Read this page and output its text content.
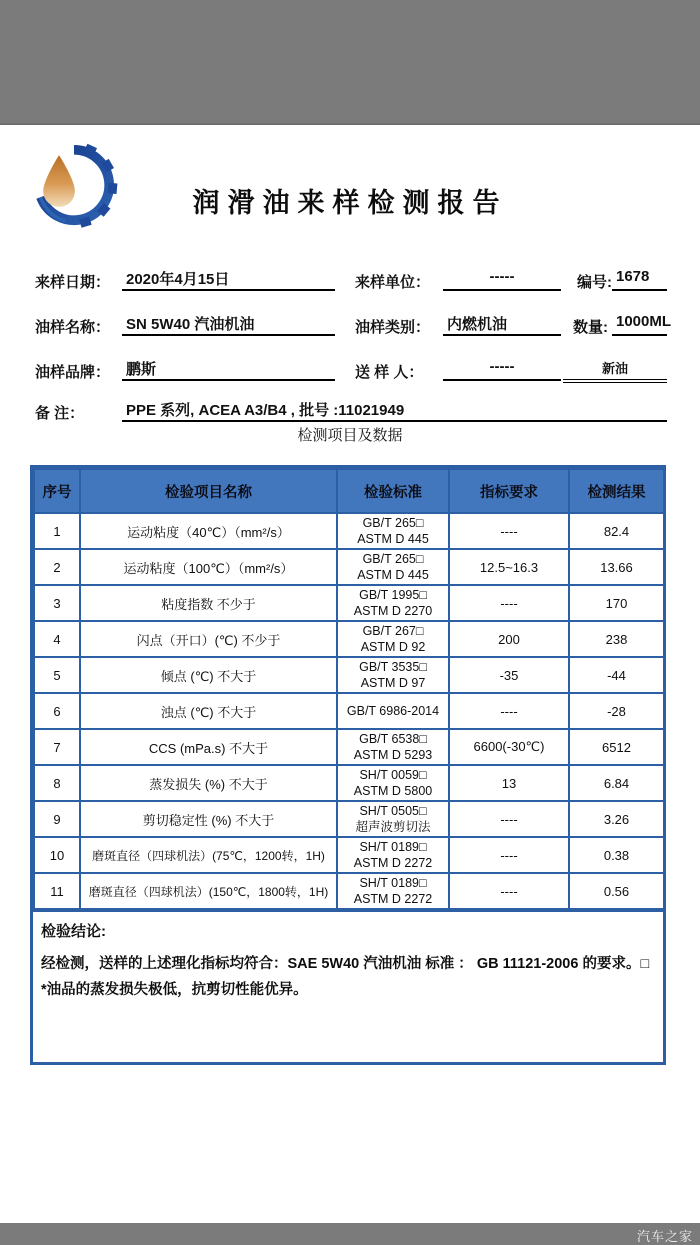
润滑油来样检测报告
来样日期： 2020年4月15日	来样单位：	-----	编号: 1678
油样名称： SN 5W40 汽油机油	油样类别： 内燃机油	数量: 1000ML
油样品牌： 鹏斯	送 样 人：	-----	新油
备 注：	PPE 系列, ACEA A3/B4 , 批号 :11021949
检测项目及数据
序号	检验项目名称	检验标准	指标要求	检测结果
1	运动粘度（40℃）（mm²/s）	GB/T 265□
ASTM D 445	----	82.4
2	运动粘度（100℃）（mm²/s）	GB/T 265□
ASTM D 445	12.5~16.3	13.66
3	粘度指数 不少于	GB/T 1995□
ASTM D 2270	----	170
4	闪点（开口）(℃) 不少于	GB/T 267□
ASTM D 92	200	238
5	倾点 (℃) 不大于	GB/T 3535□
ASTM D 97	-35	-44
6	浊点 (℃) 不大于	GB/T 6986-2014	----	-28
7	CCS (mPa.s) 不大于	GB/T 6538□
ASTM D 5293	6600(-30℃)	6512
8	蒸发损失 (%) 不大于	SH/T 0059□
ASTM D 5800	13	6.84
9	剪切稳定性 (%) 不大于	SH/T 0505□
超声波剪切法	----	3.26
10	磨斑直径（四球机法）(75℃，1200转，1H)	SH/T 0189□
ASTM D 2272	----	0.38
11	磨斑直径（四球机法）(150℃，1800转，1H)	SH/T 0189□
ASTM D 2272	----	0.56
检验结论:
经检测，送样的上述理化指标均符合：SAE 5W40 汽油机油 标准 ： GB 11121-2006 的要求。□
*油品的蒸发损失极低，抗剪切性能优异。
汽车之家
